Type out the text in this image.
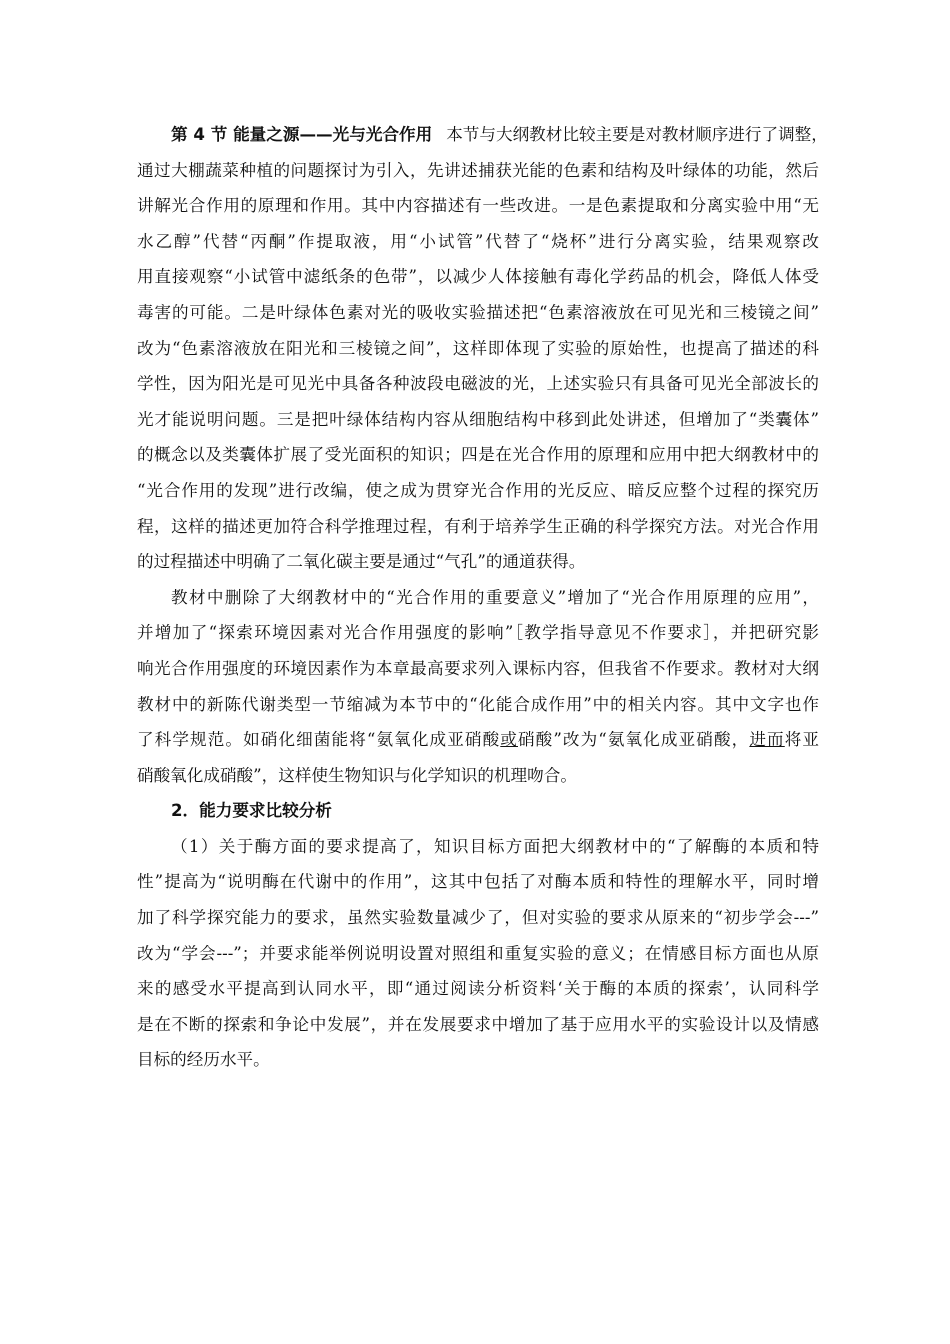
第 4 节 能量之源——光与光合作用 本节与大纲教材比较主要是对教材顺序进行了调整，
通过大棚蔬菜种植的问题探讨为引入，先讲述捕获光能的色素和结构及叶绿体的功能，然后
讲解光合作用的原理和作用。其中内容描述有一些改进。一是色素提取和分离实验中用“无
水乙醇”代替“丙酮”作提取液，用“小试管”代替了“烧杯”进行分离实验，结果观察改
用直接观察“小试管中滤纸条的色带”，以减少人体接触有毒化学药品的机会，降低人体受
毒害的可能。二是叶绿体色素对光的吸收实验描述把“色素溶液放在可见光和三棱镜之间”
改为“色素溶液放在阳光和三棱镜之间”，这样即体现了实验的原始性，也提高了描述的科
学性，因为阳光是可见光中具备各种波段电磁波的光，上述实验只有具备可见光全部波长的
光才能说明问题。三是把叶绿体结构内容从细胞结构中移到此处讲述，但增加了“类囊体”
的概念以及类囊体扩展了受光面积的知识；四是在光合作用的原理和应用中把大纲教材中的
“光合作用的发现”进行改编，使之成为贯穿光合作用的光反应、暗反应整个过程的探究历
程，这样的描述更加符合科学推理过程，有利于培养学生正确的科学探究方法。对光合作用
的过程描述中明确了二氧化碳主要是通过“气孔”的通道获得。
教材中删除了大纲教材中的“光合作用的重要意义”增加了“光合作用原理的应用”，
并增加了“探索环境因素对光合作用强度的影响”［教学指导意见不作要求］，并把研究影
响光合作用强度的环境因素作为本章最高要求列入课标内容，但我省不作要求。教材对大纲
教材中的新陈代谢类型一节缩减为本节中的“化能合成作用”中的相关内容。其中文字也作
了科学规范。如硝化细菌能将“氨氧化成亚硝酸或硝酸”改为“氨氧化成亚硝酸，进而将亚
硝酸氧化成硝酸”，这样使生物知识与化学知识的机理吻合。
2．能力要求比较分析
（1）关于酶方面的要求提高了，知识目标方面把大纲教材中的“了解酶的本质和特
性”提高为“说明酶在代谢中的作用”，这其中包括了对酶本质和特性的理解水平，同时增
加了科学探究能力的要求，虽然实验数量减少了，但对实验的要求从原来的“初步学会---”
改为“学会---”；并要求能举例说明设置对照组和重复实验的意义；在情感目标方面也从原
来的感受水平提高到认同水平，即“通过阅读分析资料‘关于酶的本质的探索’，认同科学
是在不断的探索和争论中发展”，并在发展要求中增加了基于应用水平的实验设计以及情感
目标的经历水平。
